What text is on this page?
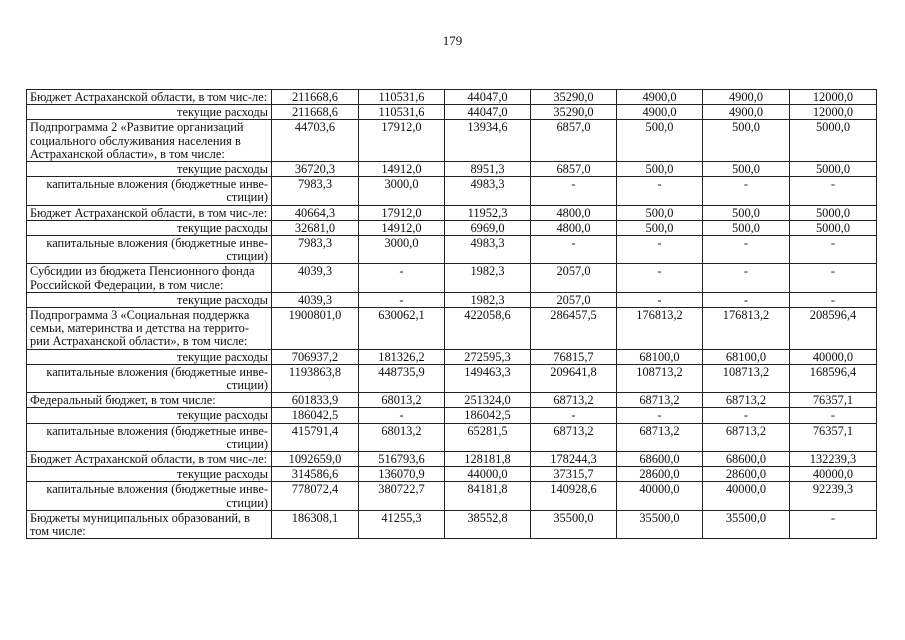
179
Бюджет Астраханской области, в том чис-ле:	211668,6	110531,6	44047,0	35290,0	4900,0	4900,0	12000,0
текущие расходы	211668,6	110531,6	44047,0	35290,0	4900,0	4900,0	12000,0
Подпрограмма 2 «Развитие организаций социального обслуживания населения в Астраханской области», в том числе:	44703,6	17912,0	13934,6	6857,0	500,0	500,0	5000,0
текущие расходы	36720,3	14912,0	8951,3	6857,0	500,0	500,0	5000,0
капитальные вложения (бюджетные инве-стиции)	7983,3	3000,0	4983,3	-	-	-	-
Бюджет Астраханской области, в том чис-ле:	40664,3	17912,0	11952,3	4800,0	500,0	500,0	5000,0
текущие расходы	32681,0	14912,0	6969,0	4800,0	500,0	500,0	5000,0
капитальные вложения (бюджетные инве-стиции)	7983,3	3000,0	4983,3	-	-	-	-
Субсидии из бюджета Пенсионного фонда Российской Федерации, в том числе:	4039,3	-	1982,3	2057,0	-	-	-
текущие расходы	4039,3	-	1982,3	2057,0	-	-	-
Подпрограмма 3 «Социальная поддержка семьи, материнства и детства на террито-рии Астраханской области», в том числе:	1900801,0	630062,1	422058,6	286457,5	176813,2	176813,2	208596,4
текущие расходы	706937,2	181326,2	272595,3	76815,7	68100,0	68100,0	40000,0
капитальные вложения (бюджетные инве-стиции)	1193863,8	448735,9	149463,3	209641,8	108713,2	108713,2	168596,4
Федеральный бюджет, в том числе:	601833,9	68013,2	251324,0	68713,2	68713,2	68713,2	76357,1
текущие расходы	186042,5	-	186042,5	-	-	-	-
капитальные вложения (бюджетные инве-стиции)	415791,4	68013,2	65281,5	68713,2	68713,2	68713,2	76357,1
Бюджет Астраханской области, в том чис-ле:	1092659,0	516793,6	128181,8	178244,3	68600,0	68600,0	132239,3
текущие расходы	314586,6	136070,9	44000,0	37315,7	28600,0	28600,0	40000,0
капитальные вложения (бюджетные инве-стиции)	778072,4	380722,7	84181,8	140928,6	40000,0	40000,0	92239,3
Бюджеты муниципальных образований, в том числе:	186308,1	41255,3	38552,8	35500,0	35500,0	35500,0	-
